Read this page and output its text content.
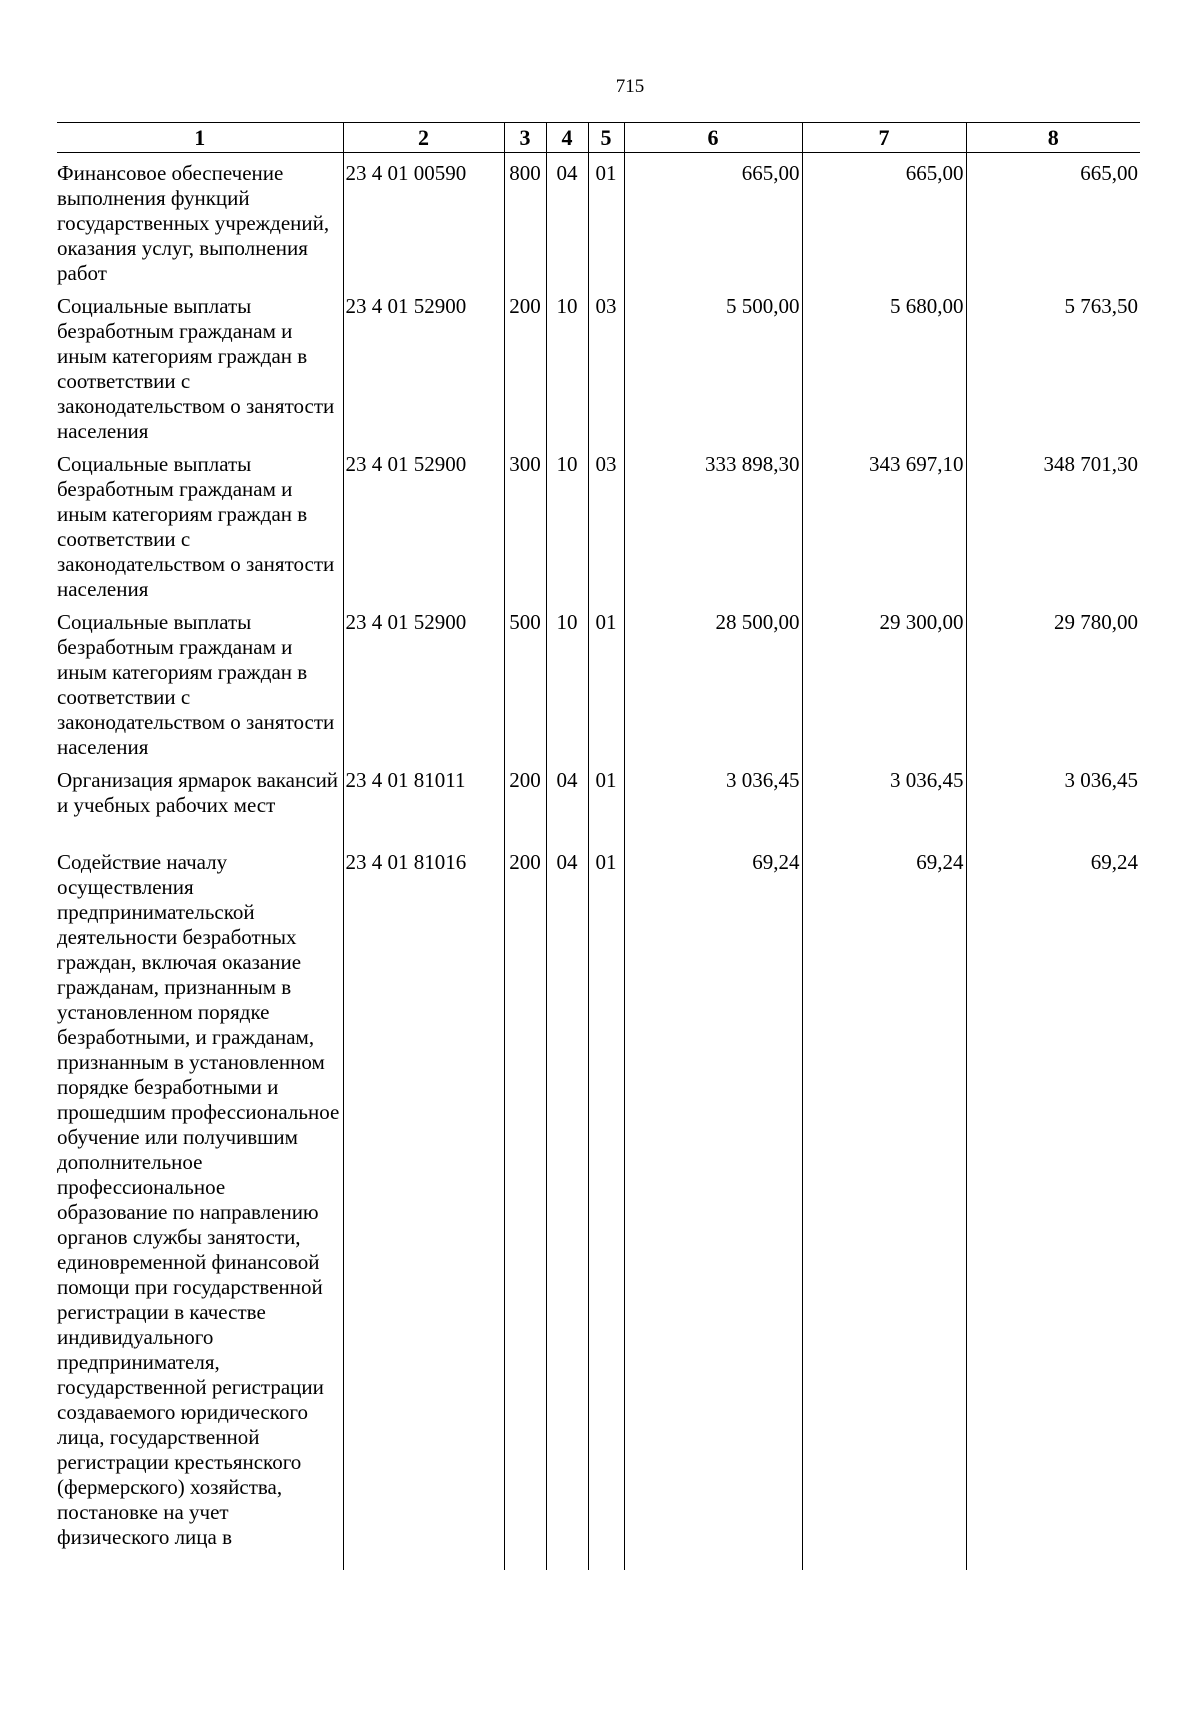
715
1	2	3	4	5	6	7	8
Финансовое обеспечение выполнения функций государственных учреждений, оказания услуг, выполнения работ	23 4 01 00590	800	04	01	665,00	665,00	665,00
Социальные выплаты безработным гражданам и иным категориям граждан в соответствии с законодательством о занятости населения	23 4 01 52900	200	10	03	5 500,00	5 680,00	5 763,50
Социальные выплаты безработным гражданам и иным категориям граждан в соответствии с законодательством о занятости населения	23 4 01 52900	300	10	03	333 898,30	343 697,10	348 701,30
Социальные выплаты безработным гражданам и иным категориям граждан в соответствии с законодательством о занятости населения	23 4 01 52900	500	10	01	28 500,00	29 300,00	29 780,00
Организация ярмарок вакансий и учебных рабочих мест	23 4 01 81011	200	04	01	3 036,45	3 036,45	3 036,45
Содействие началу осуществления предпринимательской деятельности безработных граждан, включая оказание гражданам, признанным в установленном порядке безработными, и гражданам, признанным в установленном порядке безработными и прошедшим профессиональное обучение или получившим дополнительное профессиональное образование по направлению органов службы занятости, единовременной финансовой помощи при государственной регистрации в качестве индивидуального предпринимателя, государственной регистрации создаваемого юридического лица, государственной регистрации крестьянского (фермерского) хозяйства, постановке на учет физического лица в	23 4 01 81016	200	04	01	69,24	69,24	69,24
